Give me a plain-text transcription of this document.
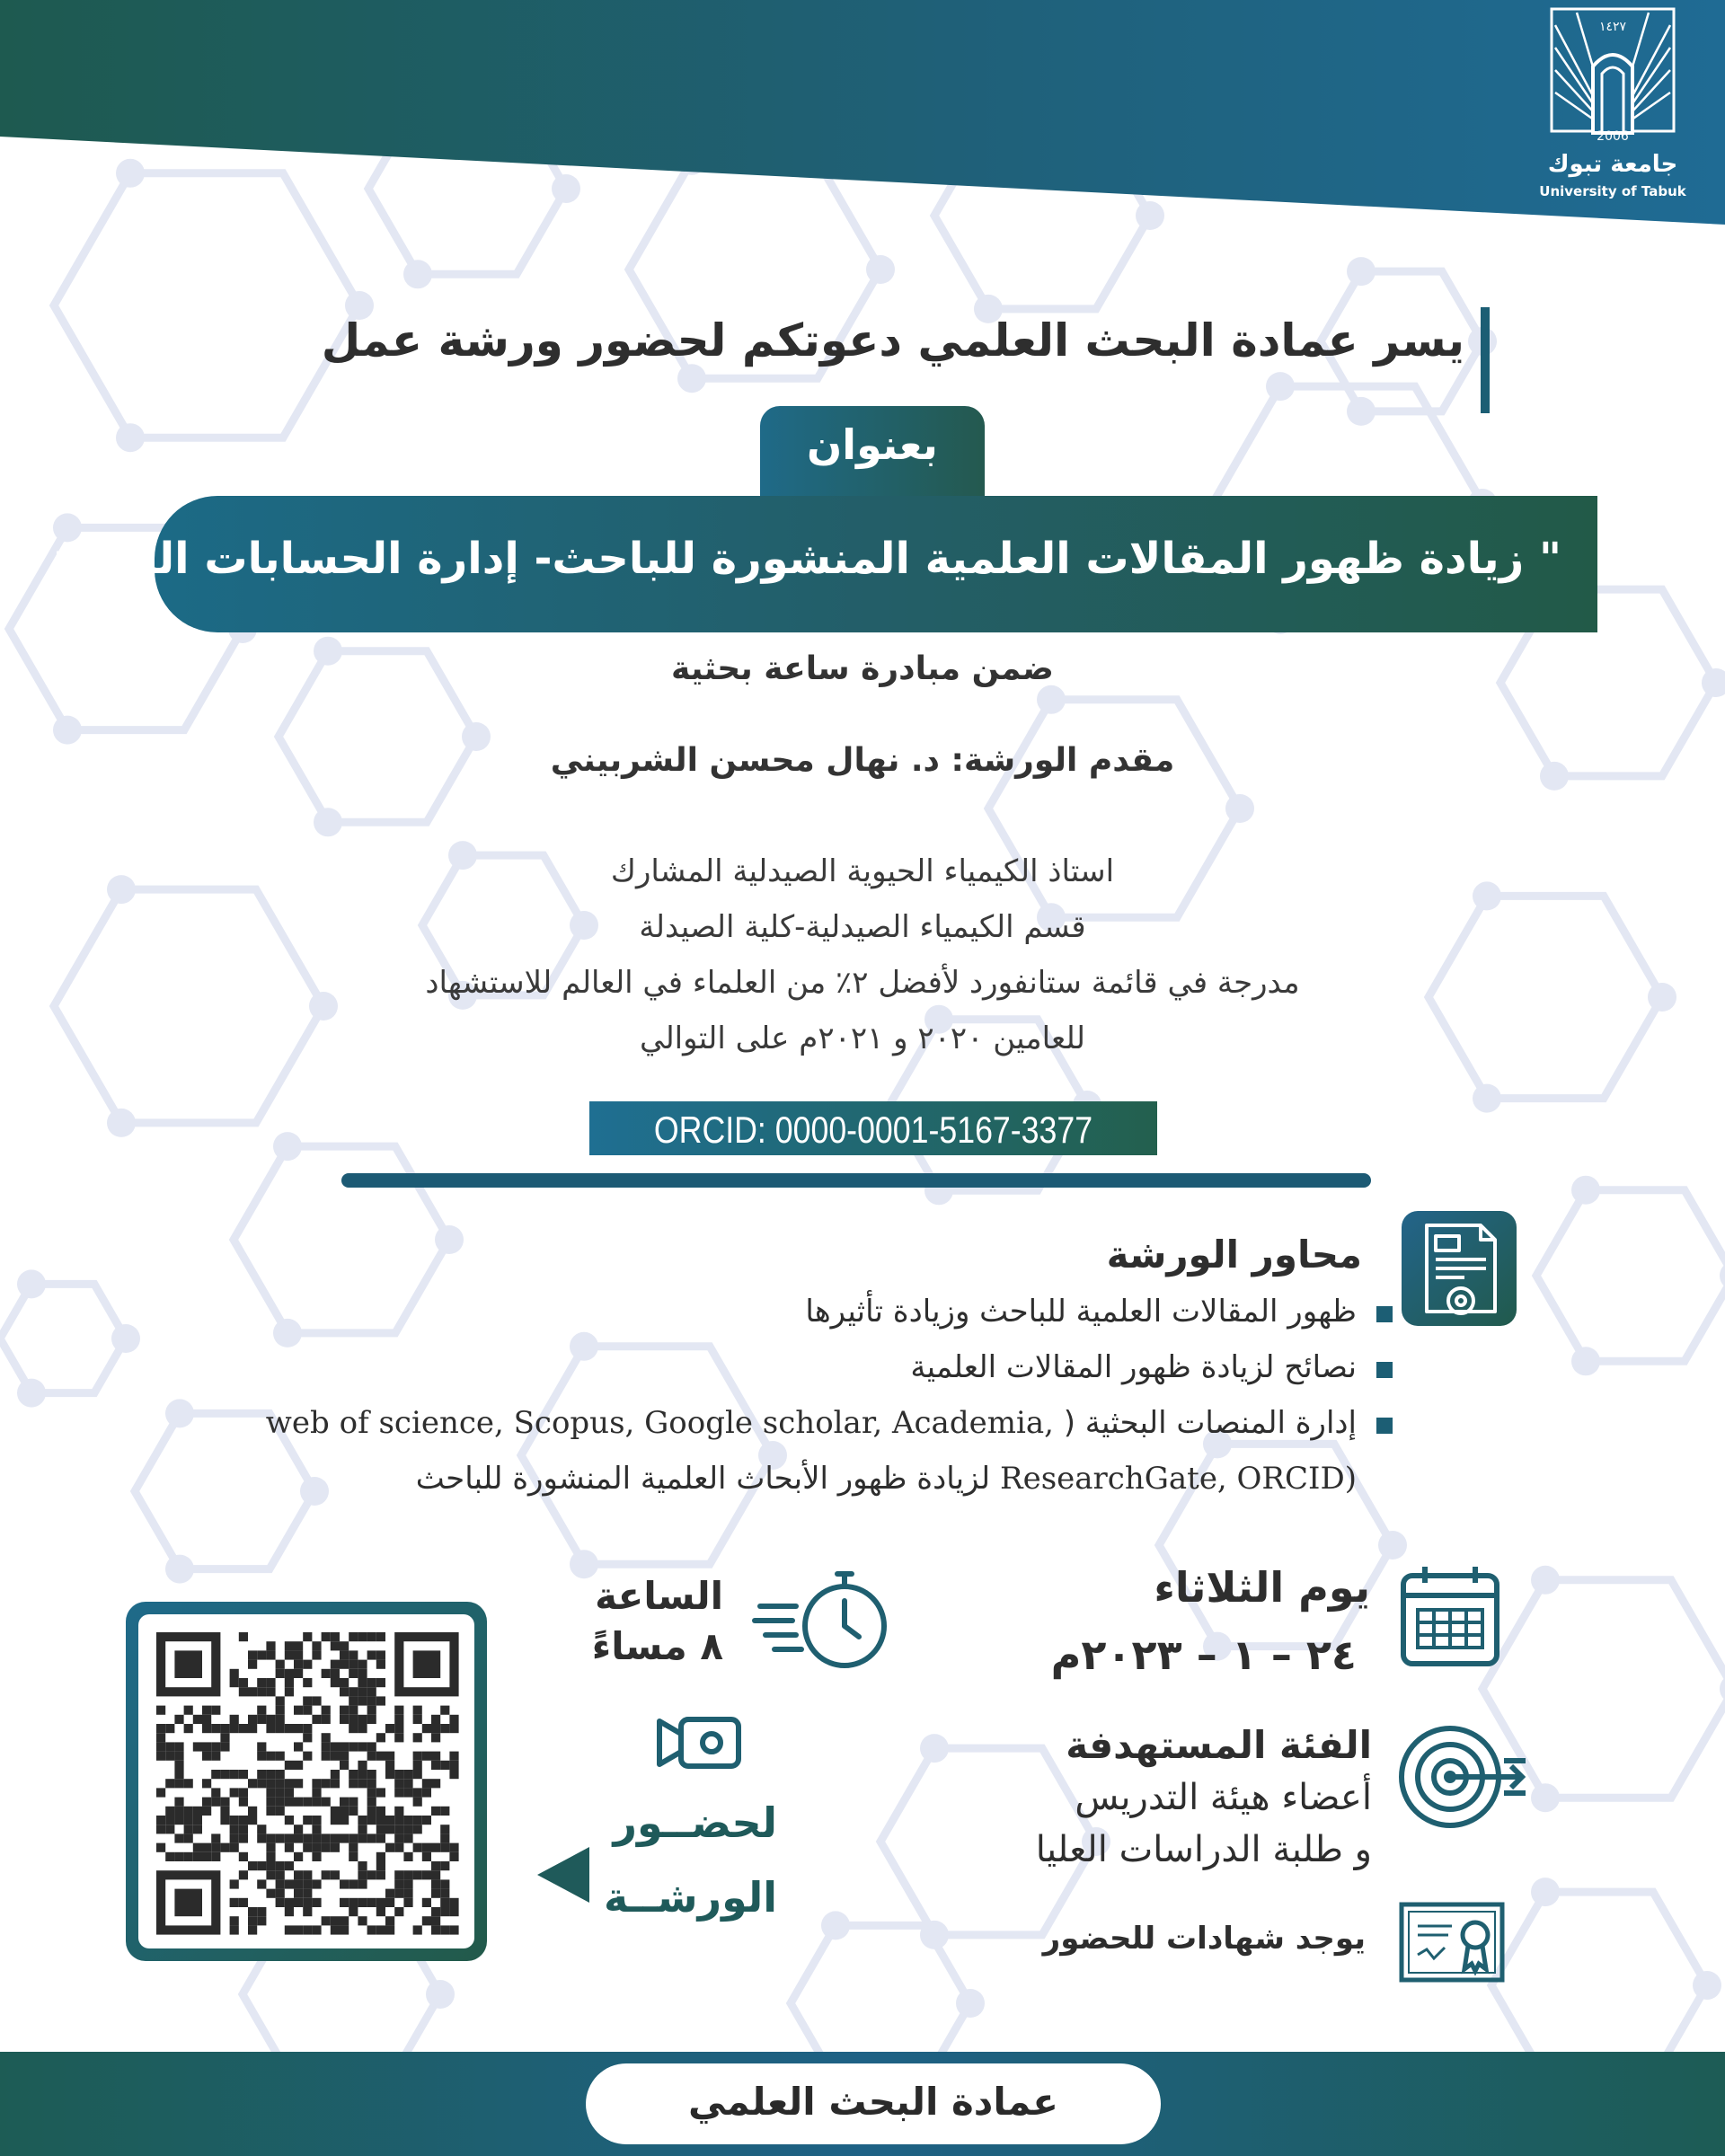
١٤٢٧
2006
جامعة تبوك
University of Tabuk
يسر عمادة البحث العلمي دعوتكم لحضور ورشة عمل
بعنوان
" زيادة ظهور المقالات العلمية المنشورة للباحث- إدارة الحسابات البحثية"
ضمن مبادرة ساعة بحثية
مقدم الورشة: د. نهال محسن الشربيني
استاذ الكيمياء الحيوية الصيدلية المشارك
قسم الكيمياء الصيدلية-كلية الصيدلة
مدرجة في قائمة ستانفورد لأفضل ٢٪ من العلماء في العالم للاستشهاد
للعامين ٢٠٢٠ و ٢٠٢١م على التوالي
ORCID: 0000-0001-5167-3377
محاور الورشة
ظهور المقالات العلمية للباحث وزيادة تأثيرها
نصائح لزيادة ظهور المقالات العلمية
إدارة المنصات البحثية ( web of science, Scopus, Google scholar, Academia,
ResearchGate, ORCID) لزيادة ظهور الأبحاث العلمية المنشورة للباحث
يوم الثلاثاء
٢٤ – ١ – ٢٠٢٣م
الساعة
٨ مساءً
الفئة المستهدفة
أعضاء هيئة التدريس
و طلبة الدراسات العليا
يوجد شهادات للحضور
لحضــور
الورشــة
عمادة البحث العلمي
